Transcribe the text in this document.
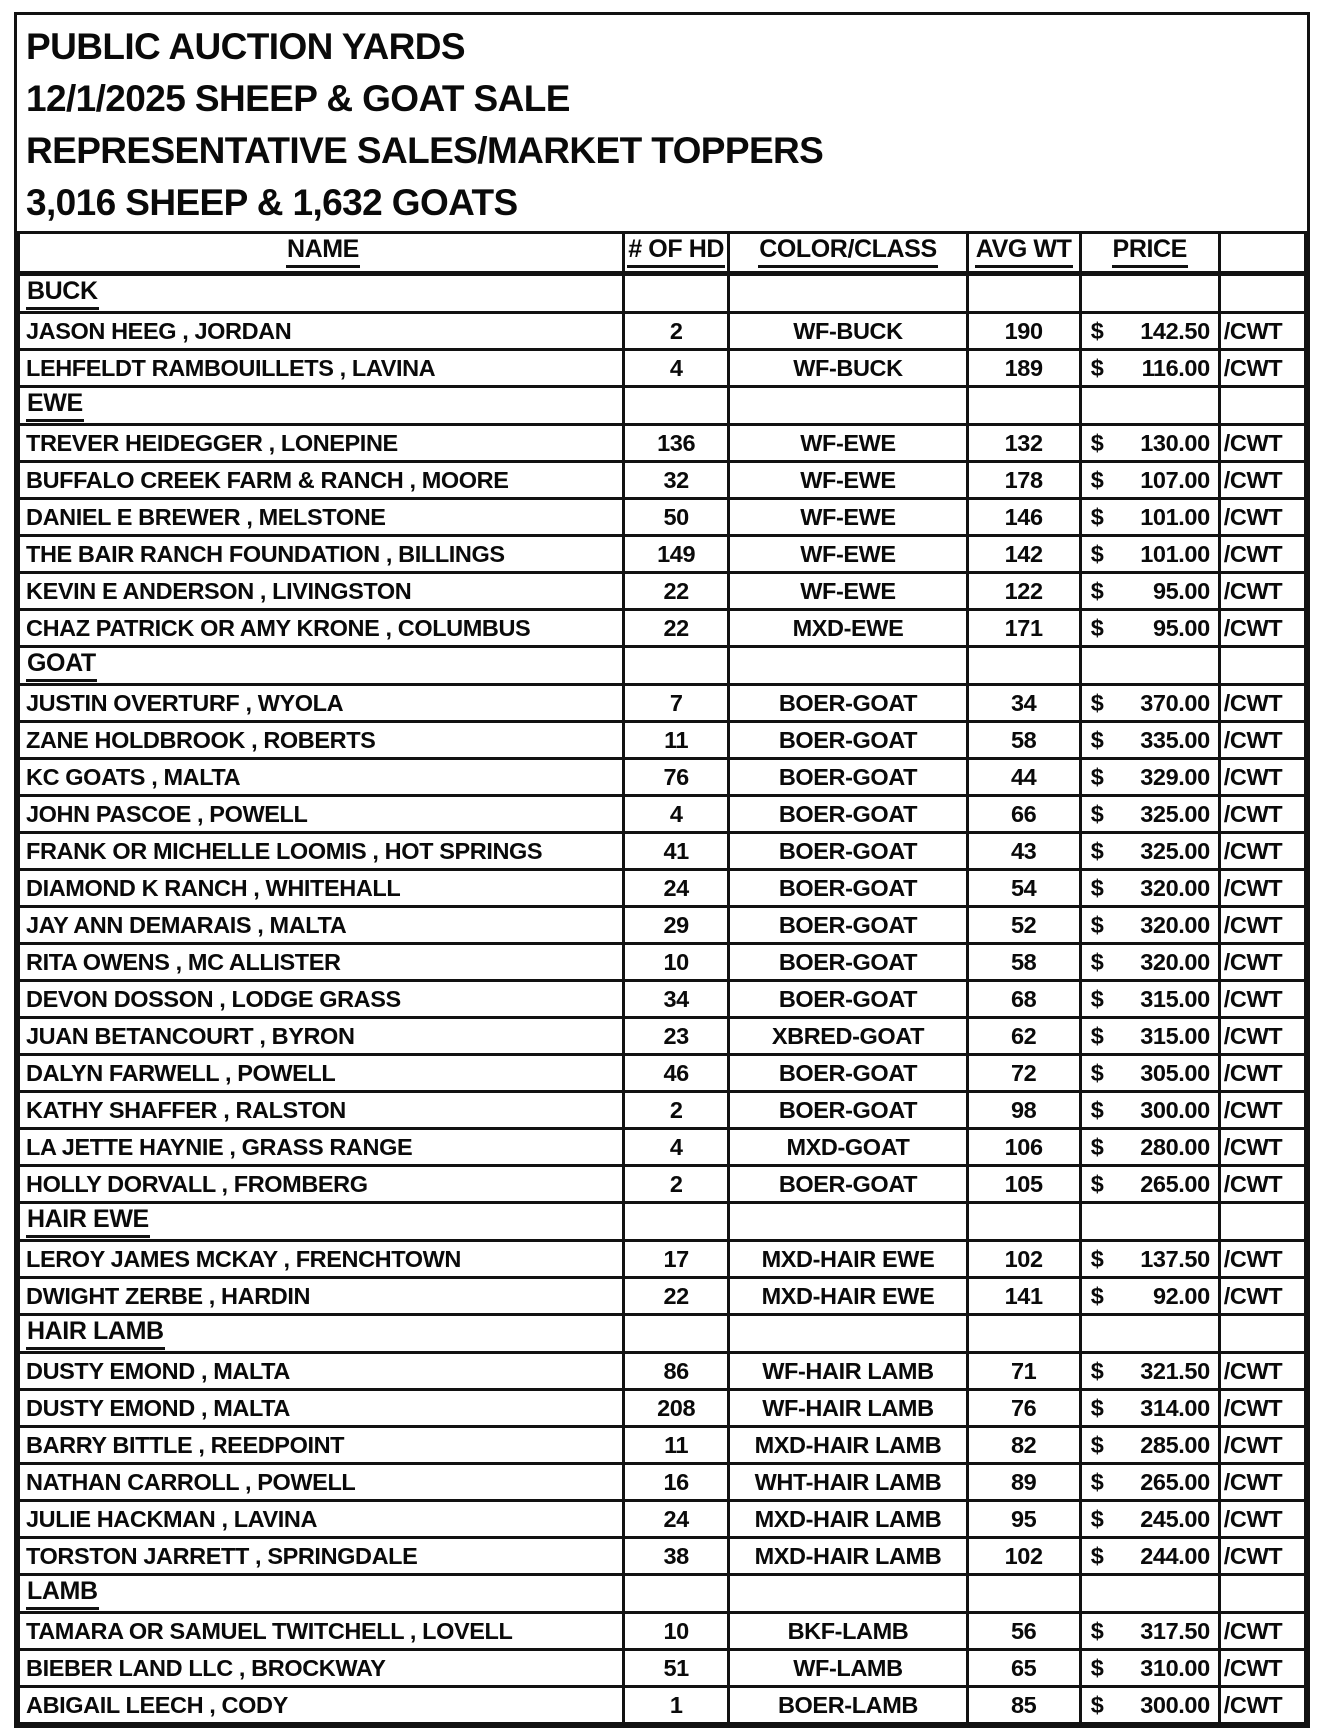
PUBLIC AUCTION YARDS
12/1/2025 SHEEP & GOAT SALE
REPRESENTATIVE SALES/MARKET TOPPERS
3,016 SHEEP & 1,632 GOATS
NAME	# OF HD	COLOR/CLASS	AVG WT	PRICE	
BUCK					
JASON HEEG , JORDAN	2	WF-BUCK	190	$ 142.50	/CWT
LEHFELDT RAMBOUILLETS , LAVINA	4	WF-BUCK	189	$ 116.00	/CWT
EWE					
TREVER HEIDEGGER , LONEPINE	136	WF-EWE	132	$ 130.00	/CWT
BUFFALO CREEK FARM & RANCH , MOORE	32	WF-EWE	178	$ 107.00	/CWT
DANIEL E BREWER , MELSTONE	50	WF-EWE	146	$ 101.00	/CWT
THE BAIR RANCH FOUNDATION , BILLINGS	149	WF-EWE	142	$ 101.00	/CWT
KEVIN E ANDERSON , LIVINGSTON	22	WF-EWE	122	$ 95.00	/CWT
CHAZ PATRICK OR AMY KRONE , COLUMBUS	22	MXD-EWE	171	$ 95.00	/CWT
GOAT					
JUSTIN OVERTURF , WYOLA	7	BOER-GOAT	34	$ 370.00	/CWT
ZANE HOLDBROOK , ROBERTS	11	BOER-GOAT	58	$ 335.00	/CWT
KC GOATS , MALTA	76	BOER-GOAT	44	$ 329.00	/CWT
JOHN PASCOE , POWELL	4	BOER-GOAT	66	$ 325.00	/CWT
FRANK OR MICHELLE LOOMIS , HOT SPRINGS	41	BOER-GOAT	43	$ 325.00	/CWT
DIAMOND K RANCH , WHITEHALL	24	BOER-GOAT	54	$ 320.00	/CWT
JAY ANN DEMARAIS , MALTA	29	BOER-GOAT	52	$ 320.00	/CWT
RITA OWENS , MC ALLISTER	10	BOER-GOAT	58	$ 320.00	/CWT
DEVON DOSSON , LODGE GRASS	34	BOER-GOAT	68	$ 315.00	/CWT
JUAN BETANCOURT , BYRON	23	XBRED-GOAT	62	$ 315.00	/CWT
DALYN FARWELL , POWELL	46	BOER-GOAT	72	$ 305.00	/CWT
KATHY SHAFFER , RALSTON	2	BOER-GOAT	98	$ 300.00	/CWT
LA JETTE HAYNIE , GRASS RANGE	4	MXD-GOAT	106	$ 280.00	/CWT
HOLLY DORVALL , FROMBERG	2	BOER-GOAT	105	$ 265.00	/CWT
HAIR EWE					
LEROY JAMES MCKAY , FRENCHTOWN	17	MXD-HAIR EWE	102	$ 137.50	/CWT
DWIGHT ZERBE , HARDIN	22	MXD-HAIR EWE	141	$ 92.00	/CWT
HAIR LAMB					
DUSTY EMOND , MALTA	86	WF-HAIR LAMB	71	$ 321.50	/CWT
DUSTY EMOND , MALTA	208	WF-HAIR LAMB	76	$ 314.00	/CWT
BARRY BITTLE , REEDPOINT	11	MXD-HAIR LAMB	82	$ 285.00	/CWT
NATHAN CARROLL , POWELL	16	WHT-HAIR LAMB	89	$ 265.00	/CWT
JULIE HACKMAN , LAVINA	24	MXD-HAIR LAMB	95	$ 245.00	/CWT
TORSTON JARRETT , SPRINGDALE	38	MXD-HAIR LAMB	102	$ 244.00	/CWT
LAMB					
TAMARA OR SAMUEL TWITCHELL , LOVELL	10	BKF-LAMB	56	$ 317.50	/CWT
BIEBER LAND LLC , BROCKWAY	51	WF-LAMB	65	$ 310.00	/CWT
ABIGAIL LEECH , CODY	1	BOER-LAMB	85	$ 300.00	/CWT
